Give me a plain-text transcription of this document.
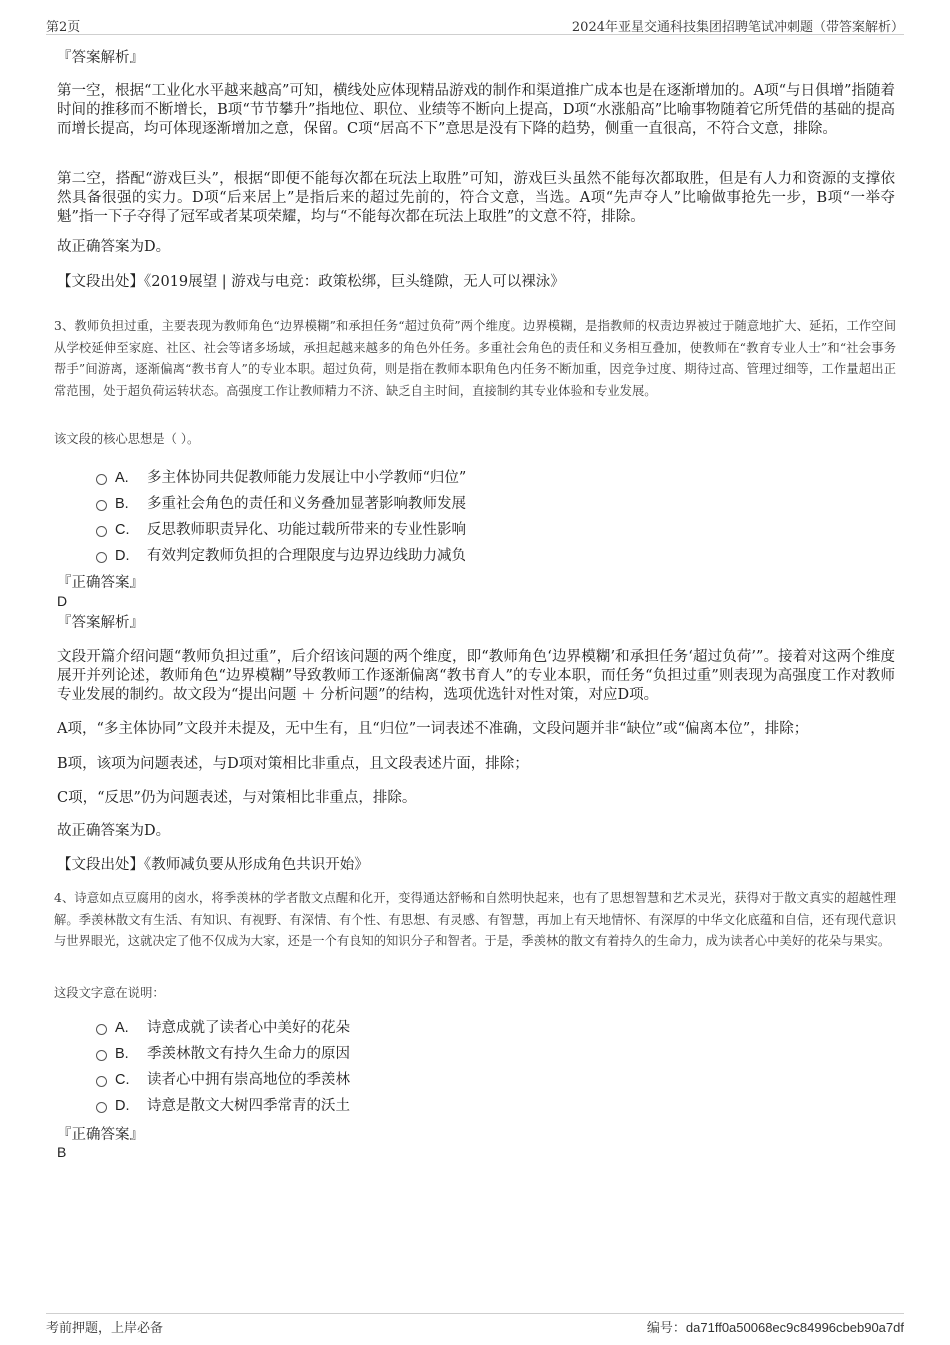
第2页	2024年亚星交通科技集团招聘笔试冲刺题（带答案解析）
『答案解析』
第一空，根据“工业化水平越来越高”可知，横线处应体现精品游戏的制作和渠道推广成本也是在逐渐增加的。A项“与日俱增”指随着时间的推移而不断增长，B项“节节攀升”指地位、职位、业绩等不断向上提高，D项“水涨船高”比喻事物随着它所凭借的基础的提高而增长提高，均可体现逐渐增加之意，保留。C项“居高不下”意思是没有下降的趋势，侧重一直很高，不符合文意，排除。
第二空，搭配“游戏巨头”，根据“即便不能每次都在玩法上取胜”可知，游戏巨头虽然不能每次都取胜，但是有人力和资源的支撑依然具备很强的实力。D项“后来居上”是指后来的超过先前的，符合文意，当选。A项“先声夺人”比喻做事抢先一步，B项“一举夺魁”指一下子夺得了冠军或者某项荣耀，均与“不能每次都在玩法上取胜”的文意不符，排除。
故正确答案为D。
【文段出处】《2019展望 | 游戏与电竞：政策松绑，巨头缝隙，无人可以裸泳》
3、教师负担过重，主要表现为教师角色“边界模糊”和承担任务“超过负荷”两个维度。边界模糊，是指教师的权责边界被过于随意地扩大、延拓，工作空间从学校延伸至家庭、社区、社会等诸多场域，承担起越来越多的角色外任务。多重社会角色的责任和义务相互叠加，使教师在“教育专业人士”和“社会事务帮手”间游离，逐渐偏离“教书育人”的专业本职。超过负荷，则是指在教师本职角色内任务不断加重，因竞争过度、期待过高、管理过细等，工作量超出正常范围，处于超负荷运转状态。高强度工作让教师精力不济、缺乏自主时间，直接制约其专业体验和专业发展。
该文段的核心思想是（ ）。
A. 多主体协同共促教师能力发展让中小学教师“归位”
B. 多重社会角色的责任和义务叠加显著影响教师发展
C. 反思教师职责异化、功能过载所带来的专业性影响
D. 有效判定教师负担的合理限度与边界边线助力减负
『正确答案』
D
『答案解析』
文段开篇介绍问题“教师负担过重”，后介绍该问题的两个维度，即“教师角色‘边界模糊’和承担任务‘超过负荷’”。接着对这两个维度展开并列论述，教师角色“边界模糊”导致教师工作逐渐偏离“教书育人”的专业本职，而任务“负担过重”则表现为高强度工作对教师专业发展的制约。故文段为“提出问题 ＋ 分析问题”的结构，选项优选针对性对策，对应D项。
A项，“多主体协同”文段并未提及，无中生有，且“归位”一词表述不准确，文段问题并非“缺位”或“偏离本位”，排除；
B项，该项为问题表述，与D项对策相比非重点，且文段表述片面，排除；
C项，“反思”仍为问题表述，与对策相比非重点，排除。
故正确答案为D。
【文段出处】《教师减负要从形成角色共识开始》
4、诗意如点豆腐用的卤水，将季羡林的学者散文点醒和化开，变得通达舒畅和自然明快起来，也有了思想智慧和艺术灵光，获得对于散文真实的超越性理解。季羡林散文有生活、有知识、有视野、有深情、有个性、有思想、有灵感、有智慧，再加上有天地情怀、有深厚的中华文化底蕴和自信，还有现代意识与世界眼光，这就决定了他不仅成为大家，还是一个有良知的知识分子和智者。于是，季羡林的散文有着持久的生命力，成为读者心中美好的花朵与果实。
这段文字意在说明：
A. 诗意成就了读者心中美好的花朵
B. 季羡林散文有持久生命力的原因
C. 读者心中拥有崇高地位的季羡林
D. 诗意是散文大树四季常青的沃土
『正确答案』
B
考前押题，上岸必备	编号：da71ff0a50068ec9c84996cbeb90a7df
